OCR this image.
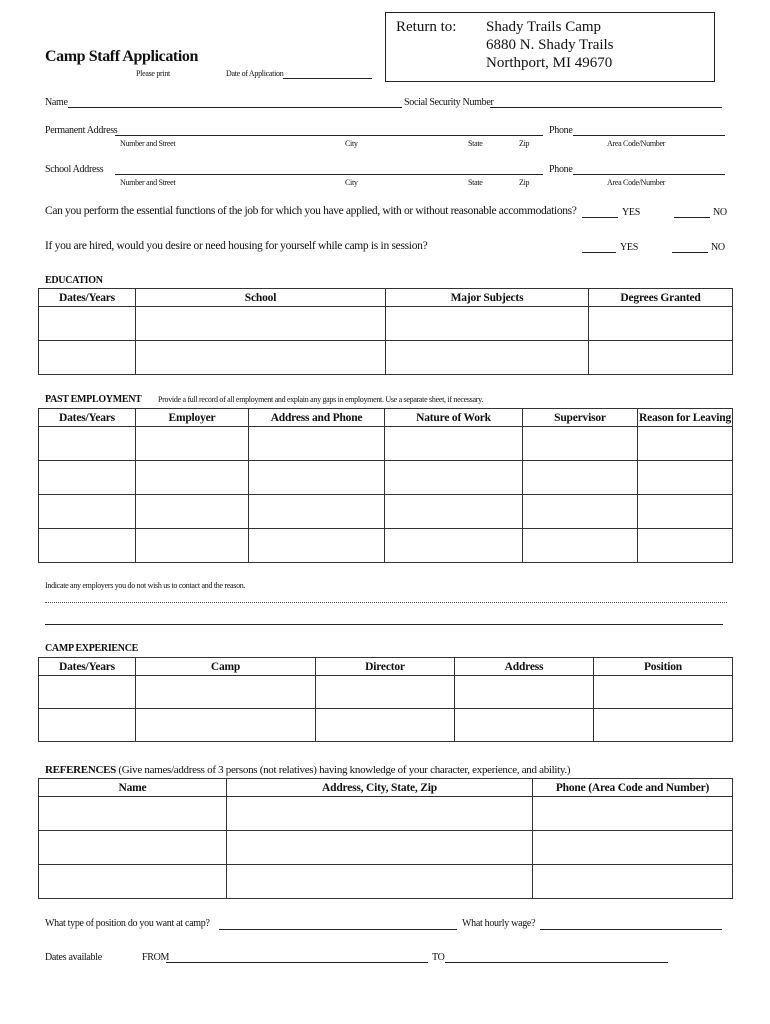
Camp Staff Application
Please print	Date of Application
Return to: Shady Trails Camp
6880 N. Shady Trails
Northport, MI 49670
Name	Social Security Number
Permanent Address	Phone
Number and Street	City	State	Zip	Area Code/Number
School Address	Phone
Number and Street	City	State	Zip	Area Code/Number
Can you perform the essential functions of the job for which you have applied, with or without reasonable accommodations?	YES	NO
If you are hired, would you desire or need housing for yourself while camp is in session?	YES	NO
EDUCATION
Dates/Years	School	Major Subjects	Degrees Granted

PAST EMPLOYMENT Provide a full record of all employment and explain any gaps in employment. Use a separate sheet, if necessary.
Dates/Years	Employer	Address and Phone	Nature of Work	Supervisor	Reason for Leaving

Indicate any employers you do not wish us to contact and the reason.
CAMP EXPERIENCE
Dates/Years	Camp	Director	Address	Position

REFERENCES (Give names/address of 3 persons (not relatives) having knowledge of your character, experience, and ability.)
Name	Address, City, State, Zip	Phone (Area Code and Number)

What type of position do you want at camp?	What hourly wage?
Dates available	FROM	TO
